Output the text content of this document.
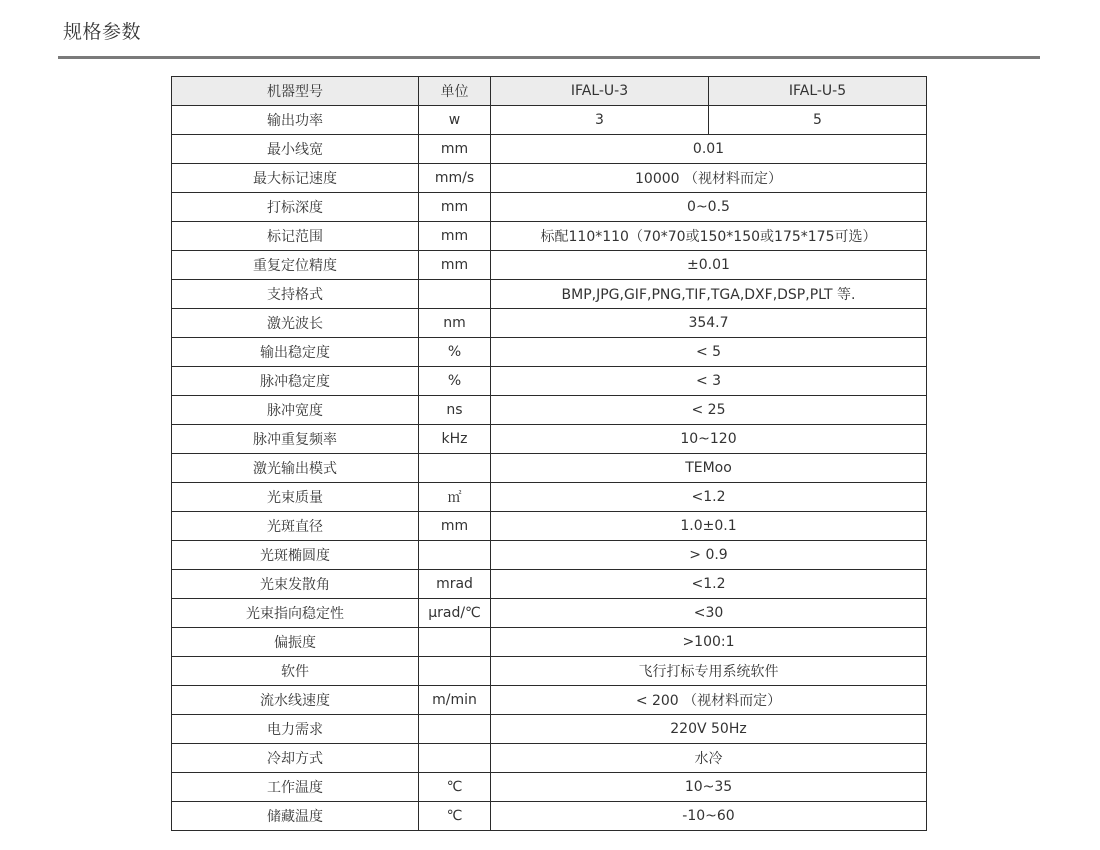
规格参数
机器型号	单位	IFAL-U-3	IFAL-U-5
输出功率	w	3	5
最小线宽	mm	0.01	
最大标记速度	mm/s	10000 （视材料而定）	
打标深度	mm	0~0.5	
标记范围	mm	标配110*110（70*70或150*150或175*175可选）	
重复定位精度	mm	±0.01	
支持格式		BMP,JPG,GIF,PNG,TIF,TGA,DXF,DSP,PLT 等.	
激光波长	nm	354.7	
输出稳定度	%	< 5	
脉冲稳定度	%	< 3	
脉冲宽度	ns	< 25	
脉冲重复频率	kHz	10~120	
激光输出模式		TEMoo	
光束质量	㎡	<1.2	
光斑直径	mm	1.0±0.1	
光斑椭圆度		> 0.9	
光束发散角	mrad	<1.2	
光束指向稳定性	μrad/℃	<30	
偏振度		>100:1	
软件		飞行打标专用系统软件	
流水线速度	m/min	< 200 （视材料而定）	
电力需求		220V 50Hz	
冷却方式		水冷	
工作温度	℃	10~35	
储藏温度	℃	-10~60	
